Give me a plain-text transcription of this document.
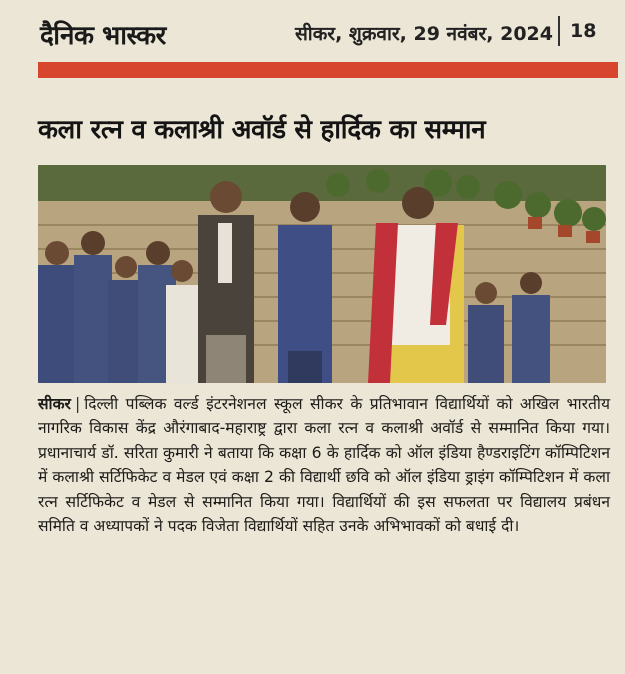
दैनिक भास्कर	सीकर, शुक्रवार, 29 नवंबर, 2024 18
कला रत्न व कलाश्री अवॉर्ड से हार्दिक का सम्मान
सीकर | दिल्ली पब्लिक वर्ल्ड इंटरनेशनल स्कूल सीकर के प्रतिभावान विद्यार्थियों को अखिल भारतीय नागरिक विकास केंद्र औरंगाबाद-महाराष्ट्र द्वारा कला रत्न व कलाश्री अवॉर्ड से सम्मानित किया गया। प्रधानाचार्य डॉ. सरिता कुमारी ने बताया कि कक्षा 6 के हार्दिक को ऑल इंडिया हैण्डराइटिंग कॉम्पिटिशन में कलाश्री सर्टिफिकेट व मेडल एवं कक्षा 2 की विद्यार्थी छवि को ऑल इंडिया ड्राइंग कॉम्पिटिशन में कला रत्न सर्टिफिकेट व मेडल से सम्मानित किया गया। विद्यार्थियों की इस सफलता पर विद्यालय प्रबंधन समिति व अध्यापकों ने पदक विजेता विद्यार्थियों सहित उनके अभिभावकों को बधाई दी।
